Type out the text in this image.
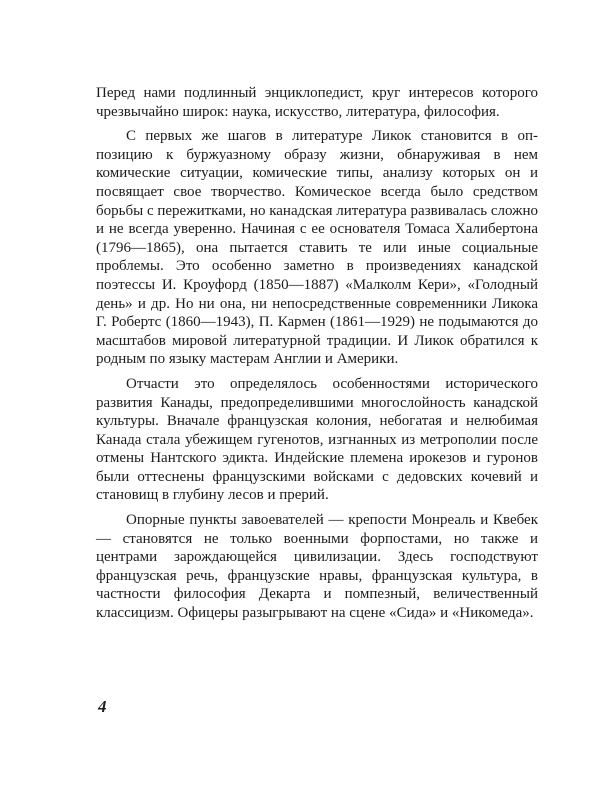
Перед нами подлинный энциклопедист, круг интересов которого чрезвычайно широк: наука, искусство, литература, философия.

С первых же шагов в литературе Ликок становится в оппозицию к буржуазному образу жизни, обнаруживая в нем комические ситуации, комические типы, анализу которых он и посвящает свое творчество. Комическое всегда было средством борьбы с пережитками, но канадская литература развивалась сложно и не всегда уверенно. Начиная с ее основателя Томаса Халибертона (1796—1865), она пытается ставить те или иные социальные проблемы. Это особенно заметно в произведениях канадской поэтессы И. Кроуфорд (1850—1887) «Малколм Кери», «Голодный день» и др. Но ни она, ни непосредственные современники Ликока Г. Робертс (1860—1943), П. Кармен (1861—1929) не подымаются до масштабов мировой литературной традиции. И Ликок обратился к родным по языку мастерам Англии и Америки.

Отчасти это определялось особенностями исторического развития Канады, предопределившими многослойность канадской культуры. Вначале французская колония, небогатая и нелюбимая Канада стала убежищем гугенотов, изгнанных из метрополии после отмены Нантского эдикта. Индейские племена ирокезов и гуронов были оттеснены французскими войсками с дедовских кочевий и становищ в глубину лесов и прерий.

Опорные пункты завоевателей — крепости Монреаль и Квебек — становятся не только военными форпостами, но также и центрами зарождающейся цивилизации. Здесь господствуют французская речь, французские нравы, французская культура, в частности философия Декарта и помпезный, величественный классицизм. Офицеры разыгрывают на сцене «Сида» и «Никомеда».

4
